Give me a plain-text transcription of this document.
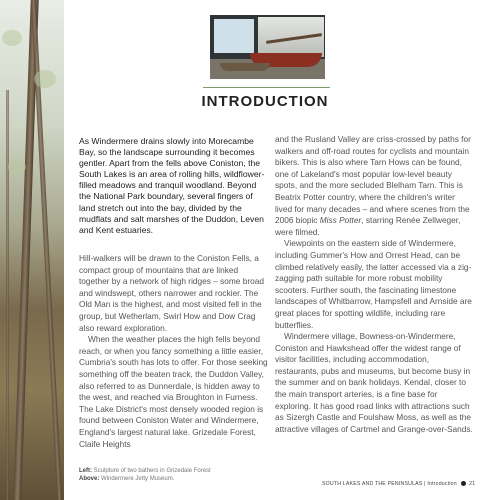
INTRODUCTION
As Windermere drains slowly into Morecambe Bay, so the landscape surrounding it becomes gentler. Apart from the fells above Coniston, the South Lakes is an area of rolling hills, wildflower-filled meadows and tranquil woodland. Beyond the National Park boundary, several fingers of land stretch out into the bay, divided by the mudflats and salt marshes of the Duddon, Leven and Kent estuaries.

Hill-walkers will be drawn to the Coniston Fells, a compact group of mountains that are linked together by a network of high ridges – some broad and windswept, others narrower and rockier. The Old Man is the highest, and most visited fell in the group, but Wetherlam, Swirl How and Dow Crag also reward exploration.

When the weather places the high fells beyond reach, or when you fancy something a little easier, Cumbria's south has lots to offer. For those seeking something off the beaten track, the Duddon Valley, also referred to as Dunnerdale, is hidden away to the west, and reached via Broughton in Furness. The Lake District's most densely wooded region is found between Coniston Water and Windermere, England's largest natural lake. Grizedale Forest, Claife Heights

and the Rusland Valley are criss-crossed by paths for walkers and off-road routes for cyclists and mountain bikers. This is also where Tarn Hows can be found, one of Lakeland's most popular low-level beauty spots, and the more secluded Blelham Tarn. This is Beatrix Potter country, where the children's writer lived for many decades – and where scenes from the 2006 biopic Miss Potter, starring Renée Zellweger, were filmed.

Viewpoints on the eastern side of Windermere, including Gummer's How and Orrest Head, can be climbed relatively easily, the latter accessed via a zig-zagging path suitable for more robust mobility scooters. Further south, the fascinating limestone landscapes of Whitbarrow, Hampsfell and Arnside are great places for spotting wildlife, including rare butterflies.

Windermere village, Bowness-on-Windermere, Coniston and Hawkshead offer the widest range of visitor facilities, including accommodation, restaurants, pubs and museums, but become busy in the summer and on bank holidays. Kendal, closer to the main transport arteries, is a fine base for exploring. It has good road links with attractions such as Sizergh Castle and Foulshaw Moss, as well as the attractive villages of Cartmel and Grange-over-Sands.

Left: Sculpture of two bathers in Grizedale Forest
Above: Windermere Jetty Museum.
SOUTH LAKES AND THE PENINSULAS | Introduction 21
